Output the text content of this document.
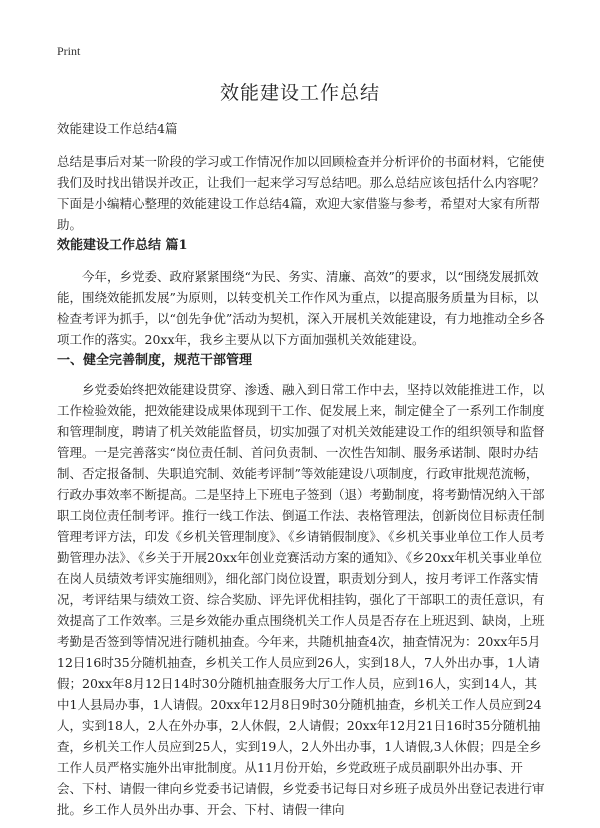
Print
效能建设工作总结
效能建设工作总结4篇
总结是事后对某一阶段的学习或工作情况作加以回顾检查并分析评价的书面材料，它能使我们及时找出错误并改正，让我们一起来学习写总结吧。那么总结应该包括什么内容呢？下面是小编精心整理的效能建设工作总结4篇，欢迎大家借鉴与参考，希望对大家有所帮助。
效能建设工作总结 篇1
今年，乡党委、政府紧紧围绕“为民、务实、清廉、高效”的要求，以“围绕发展抓效能，围绕效能抓发展”为原则，以转变机关工作作风为重点，以提高服务质量为目标，以检查考评为抓手，以“创先争优”活动为契机，深入开展机关效能建设，有力地推动全乡各项工作的落实。20xx年，我乡主要从以下方面加强机关效能建设。
一、健全完善制度，规范干部管理
乡党委始终把效能建设贯穿、渗透、融入到日常工作中去，坚持以效能推进工作，以工作检验效能，把效能建设成果体现到干工作、促发展上来，制定健全了一系列工作制度和管理制度，聘请了机关效能监督员，切实加强了对机关效能建设工作的组织领导和监督管理。一是完善落实“岗位责任制、首问负责制、一次性告知制、服务承诺制、限时办结制、否定报备制、失职追究制、效能考评制”等效能建设八项制度，行政审批规范流畅，行政办事效率不断提高。二是坚持上下班电子签到（退）考勤制度，将考勤情况纳入干部职工岗位责任制考评。推行一线工作法、倒逼工作法、表格管理法，创新岗位目标责任制管理考评方法，印发《乡机关管理制度》、《乡请销假制度》、《乡机关事业单位工作人员考勤管理办法》、《乡关于开展20xx年创业竞赛活动方案的通知》、《乡20xx年机关事业单位在岗人员绩效考评实施细则》，细化部门岗位设置，职责划分到人，按月考评工作落实情况，考评结果与绩效工资、综合奖励、评先评优相挂钩，强化了干部职工的责任意识，有效提高了工作效率。三是乡效能办重点围绕机关工作人员是否存在上班迟到、缺岗，上班考勤是否签到等情况进行随机抽查。今年来，共随机抽查4次，抽查情况为：20xx年5月12日16时35分随机抽查，乡机关工作人员应到26人，实到18人，7人外出办事，1人请假；20xx年8月12日14时30分随机抽查服务大厅工作人员，应到16人，实到14人，其中1人县局办事，1人请假。20xx年12月8日9时30分随机抽查，乡机关工作人员应到24人，实到18人，2人在外办事，2人休假，2人请假；20xx年12月21日16时35分随机抽查，乡机关工作人员应到25人，实到19人，2人外出办事，1人请假,3人休假；四是全乡工作人员严格实施外出审批制度。从11月份开始，乡党政班子成员副职外出办事、开会、下村、请假一律向乡党委书记请假，乡党委书记每日对乡班子成员外出登记表进行审批。乡工作人员外出办事、开会、下村、请假一律向
